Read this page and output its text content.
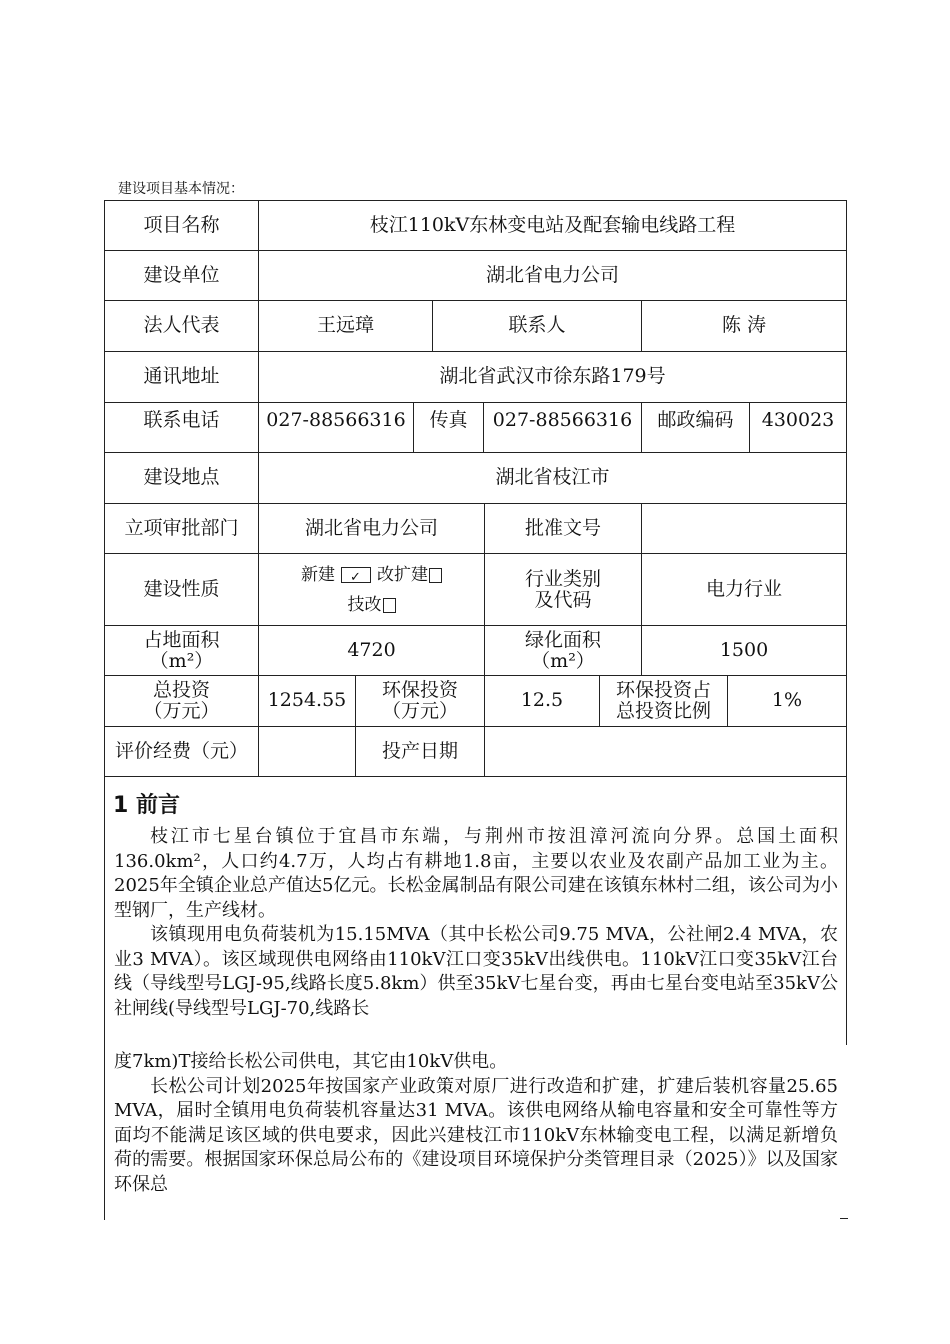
建设项目基本情况：
项目名称	枝江110kV东林变电站及配套输电线路工程
建设单位	湖北省电力公司
法人代表	王远璋	联系人	陈 涛
通讯地址	湖北省武汉市徐东路179号
联系电话	027-88566316	传真	027-88566316	邮政编码	430023
建设地点	湖北省枝江市
立项审批部门	湖北省电力公司	批准文号
建设性质
新建✓ 改扩建
技改
行业类别
及代码	电力行业
占地面积
（m²）	4720	绿化面积
（m²）	1500
总投资
（万元）	1254.55	环保投资
（万元）	12.5	环保投资占
总投资比例	1%
评价经费（元）	投产日期
1 前言

枝江市七星台镇位于宜昌市东端，与荆州市按沮漳河流向分界。总国土面积136.0km²，人口约4.7万，人均占有耕地1.8亩，主要以农业及农副产品加工业为主。2025年全镇企业总产值达5亿元。长松金属制品有限公司建在该镇东林村二组，该公司为小型钢厂，生产线材。

该镇现用电负荷装机为15.15MVA（其中长松公司9.75 MVA，公社闸2.4 MVA，农业3 MVA）。该区域现供电网络由110kV江口变35kV出线供电。110kV江口变35kV江台线（导线型号LGJ-95,线路长度5.8km）供至35kV七星台变，再由七星台变电站至35kV公社闸线(导线型号LGJ-70,线路长

度7km)T接给长松公司供电，其它由10kV供电。

长松公司计划2025年按国家产业政策对原厂进行改造和扩建，扩建后装机容量25.65 MVA，届时全镇用电负荷装机容量达31 MVA。该供电网络从输电容量和安全可靠性等方面均不能满足该区域的供电要求，因此兴建枝江市110kV东林输变电工程，以满足新增负荷的需要。根据国家环保总局公布的《建设项目环境保护分类管理目录（2025）》以及国家环保总
